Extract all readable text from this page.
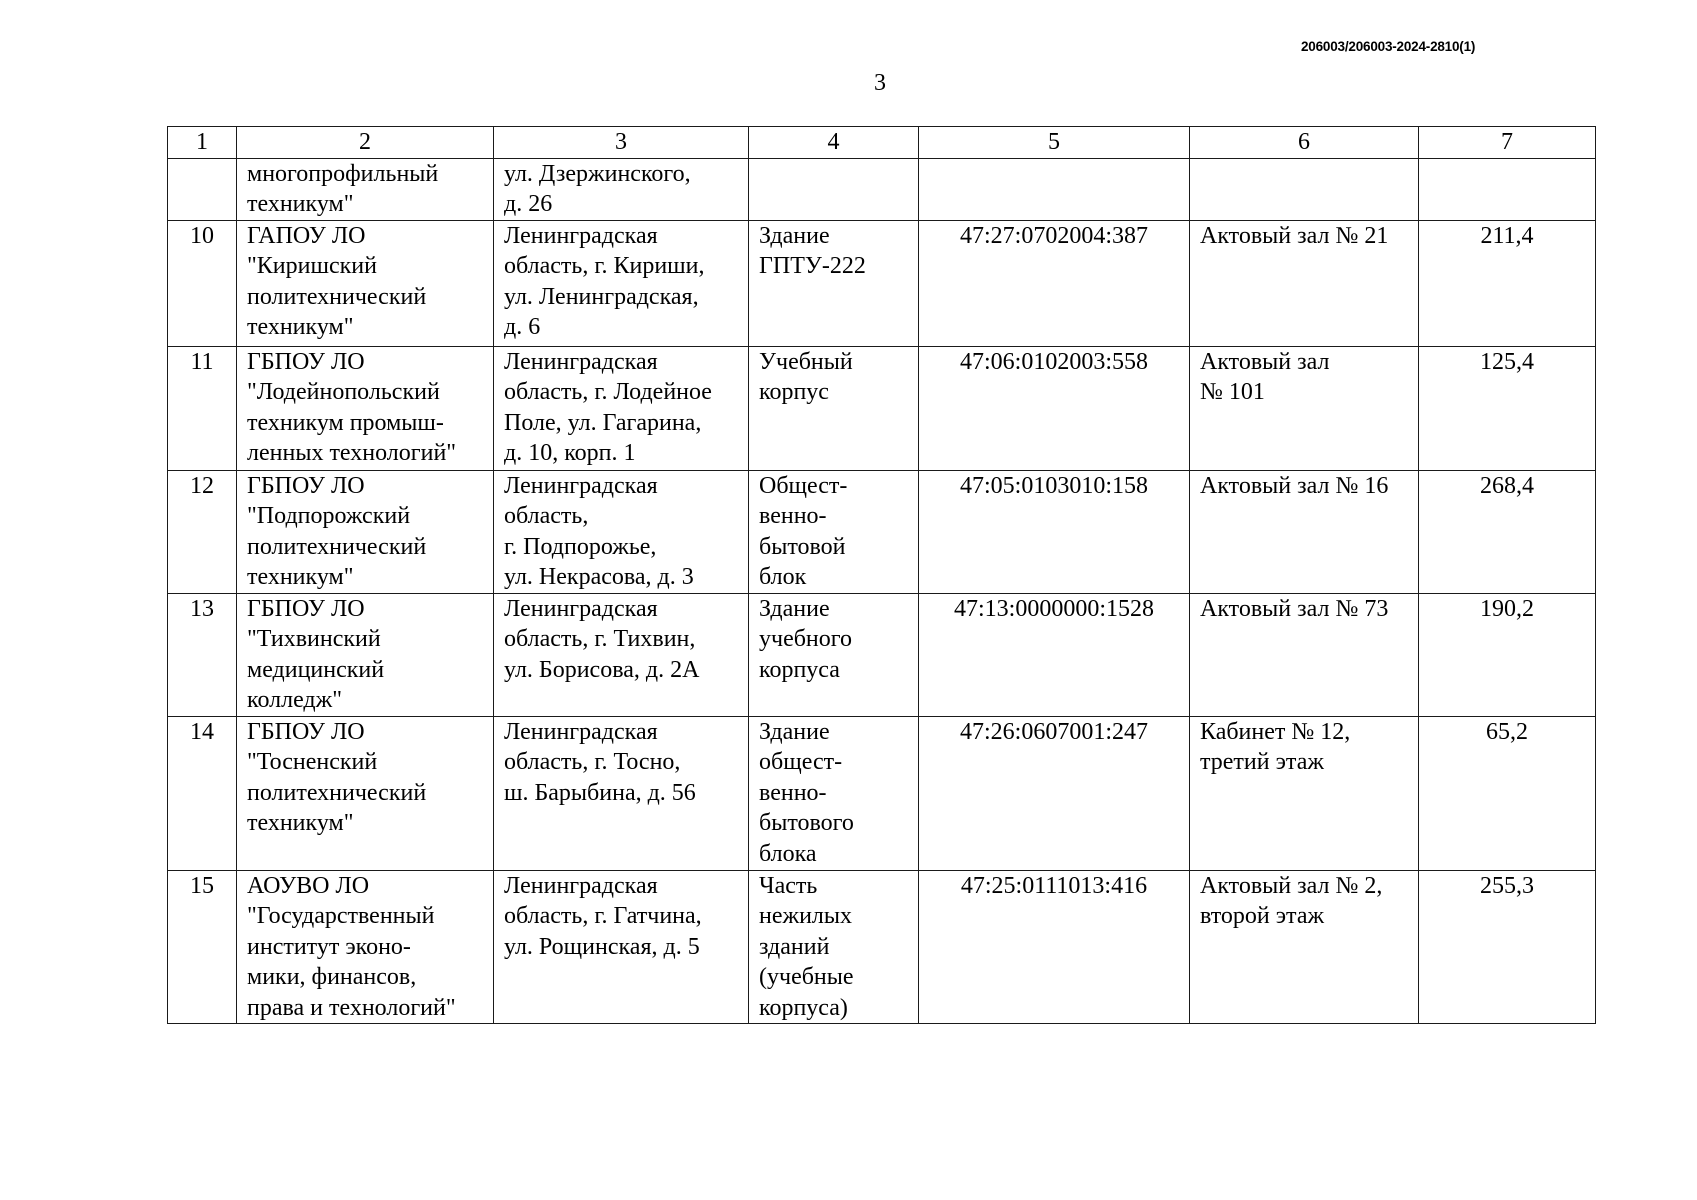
206003/206003-2024-2810(1)
3
1	2	3	4	5	6	7

	многопрофильный
техникум"	ул. Дзержинского,
д. 26				

10	ГАПОУ ЛО
"Киришский
политехнический
техникум"	Ленинградская
область, г. Кириши,
ул. Ленинградская,
д. 6	Здание
ГПТУ-222	47:27:0702004:387	Актовый зал № 21	211,4
11	ГБПОУ ЛО
"Лодейнопольский
техникум промыш-
ленных технологий"	Ленинградская
область, г. Лодейное
Поле, ул. Гагарина,
д. 10, корп. 1	Учебный
корпус	47:06:0102003:558	Актовый зал
№ 101	125,4
12	ГБПОУ ЛО
"Подпорожский
политехнический
техникум"	Ленинградская
область,
г. Подпорожье,
ул. Некрасова, д. 3	Общест-
венно-
бытовой
блок	47:05:0103010:158	Актовый зал № 16	268,4
13	ГБПОУ ЛО
"Тихвинский
медицинский
колледж"	Ленинградская
область, г. Тихвин,
ул. Борисова, д. 2А	Здание
учебного
корпуса	47:13:0000000:1528	Актовый зал № 73	190,2
14	ГБПОУ ЛО
"Тосненский
политехнический
техникум"	Ленинградская
область, г. Тосно,
ш. Барыбина, д. 56	Здание
общест-
венно-
бытового
блока	47:26:0607001:247	Кабинет № 12,
третий этаж	65,2
15	АОУВО ЛО
"Государственный
институт эконо-
мики, финансов,
права и технологий"	Ленинградская
область, г. Гатчина,
ул. Рощинская, д. 5	Часть
нежилых
зданий
(учебные
корпуса)	47:25:0111013:416	Актовый зал № 2,
второй этаж	255,3
